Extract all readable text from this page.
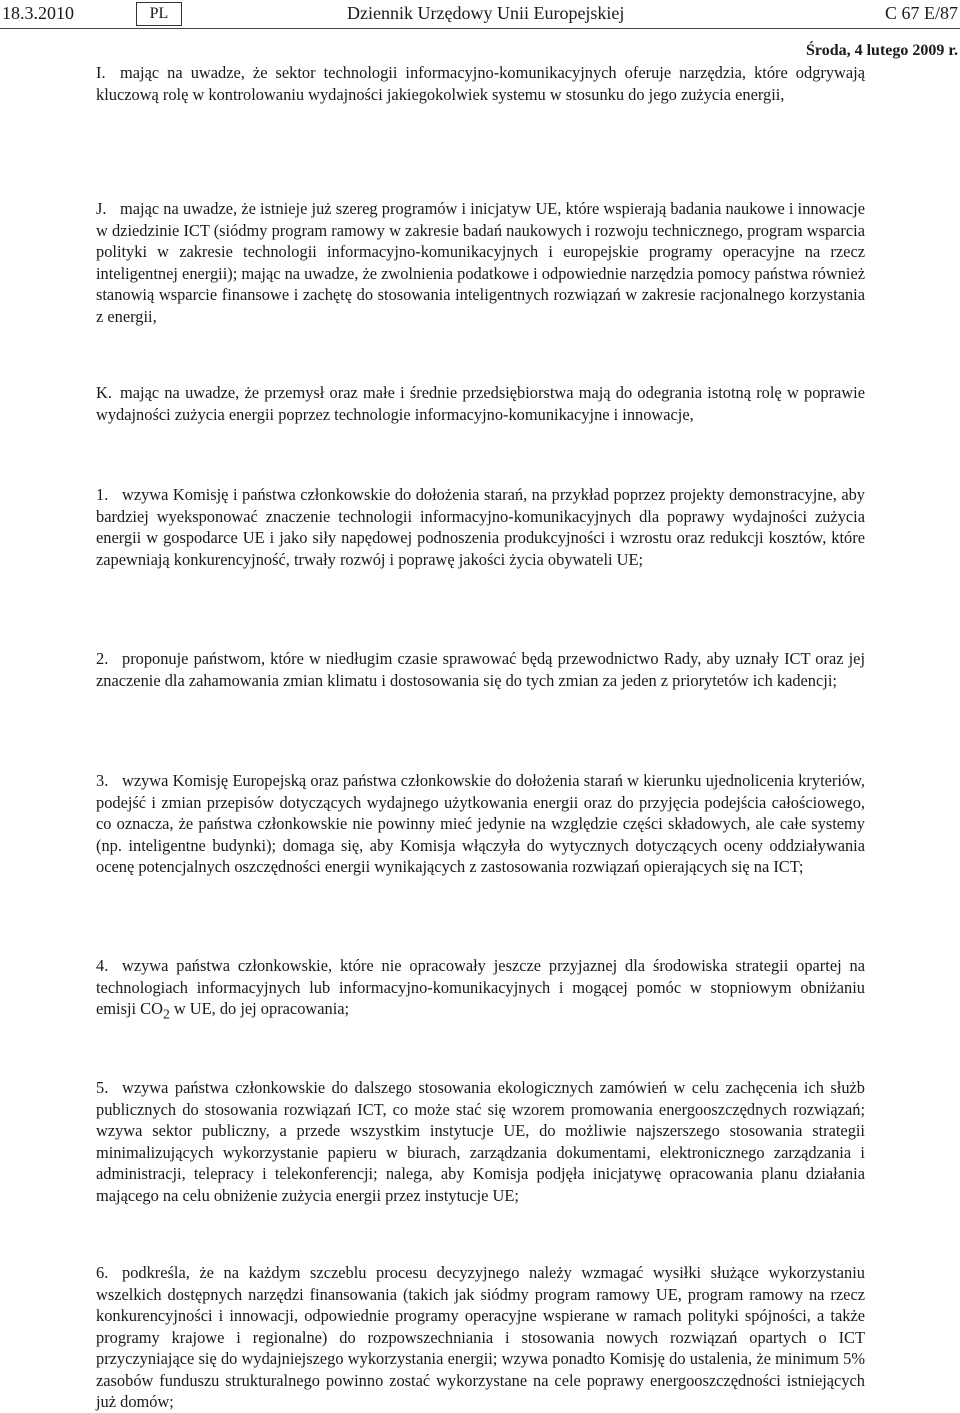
18.3.2010	PL	Dziennik Urzędowy Unii Europejskiej	C 67 E/87
Środa, 4 lutego 2009 r.
I. mając na uwadze, że sektor technologii informacyjno-komunikacyjnych oferuje narzędzia, które odgrywają kluczową rolę w kontrolowaniu wydajności jakiegokolwiek systemu w stosunku do jego zużycia energii,
J. mając na uwadze, że istnieje już szereg programów i inicjatyw UE, które wspierają badania naukowe i innowacje w dziedzinie ICT (siódmy program ramowy w zakresie badań naukowych i rozwoju technicznego, program wsparcia polityki w zakresie technologii informacyjno-komunikacyjnych i europejskie programy operacyjne na rzecz inteligentnej energii); mając na uwadze, że zwolnienia podatkowe i odpowiednie narzędzia pomocy państwa również stanowią wsparcie finansowe i zachętę do stosowania inteligentnych rozwiązań w zakresie racjonalnego korzystania z energii,
K. mając na uwadze, że przemysł oraz małe i średnie przedsiębiorstwa mają do odegrania istotną rolę w poprawie wydajności zużycia energii poprzez technologie informacyjno-komunikacyjne i innowacje,
1. wzywa Komisję i państwa członkowskie do dołożenia starań, na przykład poprzez projekty demonstracyjne, aby bardziej wyeksponować znaczenie technologii informacyjno-komunikacyjnych dla poprawy wydajności zużycia energii w gospodarce UE i jako siły napędowej podnoszenia produkcyjności i wzrostu oraz redukcji kosztów, które zapewniają konkurencyjność, trwały rozwój i poprawę jakości życia obywateli UE;
2. proponuje państwom, które w niedługim czasie sprawować będą przewodnictwo Rady, aby uznały ICT oraz jej znaczenie dla zahamowania zmian klimatu i dostosowania się do tych zmian za jeden z priorytetów ich kadencji;
3. wzywa Komisję Europejską oraz państwa członkowskie do dołożenia starań w kierunku ujednolicenia kryteriów, podejść i zmian przepisów dotyczących wydajnego użytkowania energii oraz do przyjęcia podejścia całościowego, co oznacza, że państwa członkowskie nie powinny mieć jedynie na względzie części składowych, ale całe systemy (np. inteligentne budynki); domaga się, aby Komisja włączyła do wytycznych dotyczących oceny oddziaływania ocenę potencjalnych oszczędności energii wynikających z zastosowania rozwiązań opierających się na ICT;
4. wzywa państwa członkowskie, które nie opracowały jeszcze przyjaznej dla środowiska strategii opartej na technologiach informacyjnych lub informacyjno-komunikacyjnych i mogącej pomóc w stopniowym obniżaniu emisji $CO_2$ w UE, do jej opracowania;
5. wzywa państwa członkowskie do dalszego stosowania ekologicznych zamówień w celu zachęcenia ich służb publicznych do stosowania rozwiązań ICT, co może stać się wzorem promowania energooszczędnych rozwiązań; wzywa sektor publiczny, a przede wszystkim instytucje UE, do możliwie najszerszego stosowania strategii minimalizujących wykorzystanie papieru w biurach, zarządzania dokumentami, elektronicznego zarządzania i administracji, telepracy i telekonferencji; nalega, aby Komisja podjęła inicjatywę opracowania planu działania mającego na celu obniżenie zużycia energii przez instytucje UE;
6. podkreśla, że na każdym szczeblu procesu decyzyjnego należy wzmagać wysiłki służące wykorzystaniu wszelkich dostępnych narzędzi finansowania (takich jak siódmy program ramowy UE, program ramowy na rzecz konkurencyjności i innowacji, odpowiednie programy operacyjne wspierane w ramach polityki spójności, a także programy krajowe i regionalne) do rozpowszechniania i stosowania nowych rozwiązań opartych o ICT przyczyniające się do wydajniejszego wykorzystania energii; wzywa ponadto Komisję do ustalenia, że minimum 5% zasobów funduszu strukturalnego powinno zostać wykorzystane na cele poprawy energooszczędności istniejących już domów;
